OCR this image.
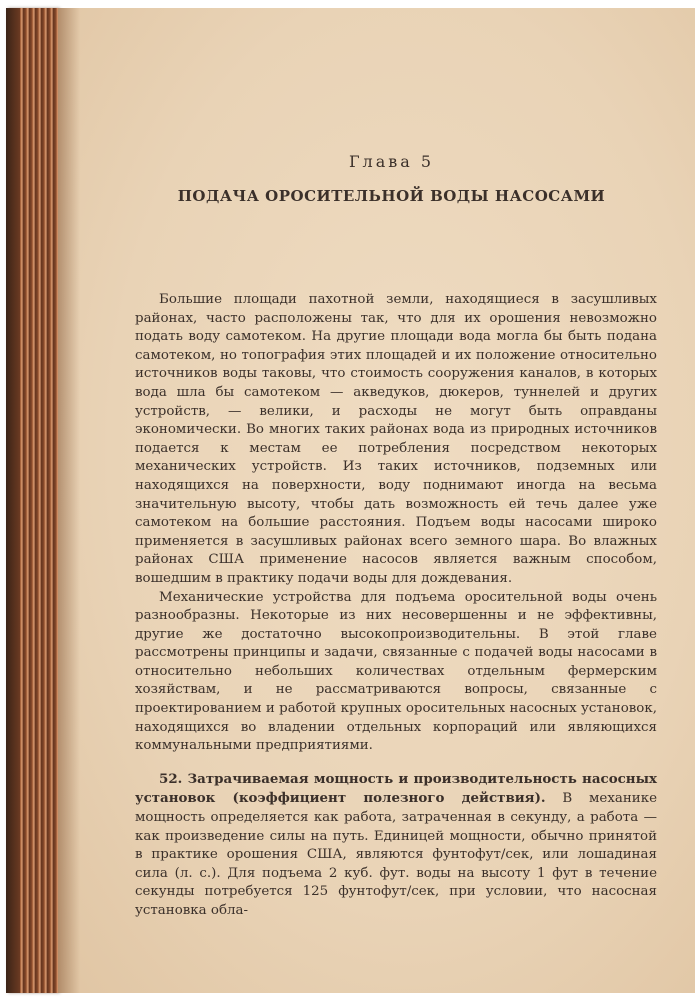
Глава 5
ПОДАЧА ОРОСИТЕЛЬНОЙ ВОДЫ НАСОСАМИ

Большие площади пахотной земли, находящиеся в засушливых районах, часто расположены так, что для их орошения невозможно подать воду самотеком. На другие площади вода могла бы быть подана самотеком, но топография этих площадей и их положение относительно источников воды таковы, что стоимость сооружения каналов, в которых вода шла бы самотеком — акведуков, дюкеров, туннелей и других устройств, — велики, и расходы не могут быть оправданы экономически. Во многих таких районах вода из природных источников подается к местам ее потребления посредством некоторых механических устройств. Из таких источников, подземных или находящихся на поверхности, воду поднимают иногда на весьма значительную высоту, чтобы дать возможность ей течь далее уже самотеком на большие расстояния. Подъем воды насосами широко применяется в засушливых районах всего земного шара. Во влажных районах США применение насосов является важным способом, вошедшим в практику подачи воды для дождевания.

Механические устройства для подъема оросительной воды очень разнообразны. Некоторые из них несовершенны и не эффективны, другие же достаточно высокопроизводительны. В этой главе рассмотрены принципы и задачи, связанные с подачей воды насосами в относительно небольших количествах отдельным фермерским хозяйствам, и не рассматриваются вопросы, связанные с проектированием и работой крупных оросительных насосных установок, находящихся во владении отдельных корпораций или являющихся коммунальными предприятиями.

52. Затрачиваемая мощность и производительность насосных установок (коэффициент полезного действия). В механике мощность определяется как работа, затраченная в секунду, а работа — как произведение силы на путь. Единицей мощности, обычно принятой в практике орошения США, являются фунтофут/сек, или лошадиная сила (л. с.). Для подъема 2 куб. фут. воды на высоту 1 фут в течение секунды потребуется 125 фунтофут/сек, при условии, что насосная установка обла-
